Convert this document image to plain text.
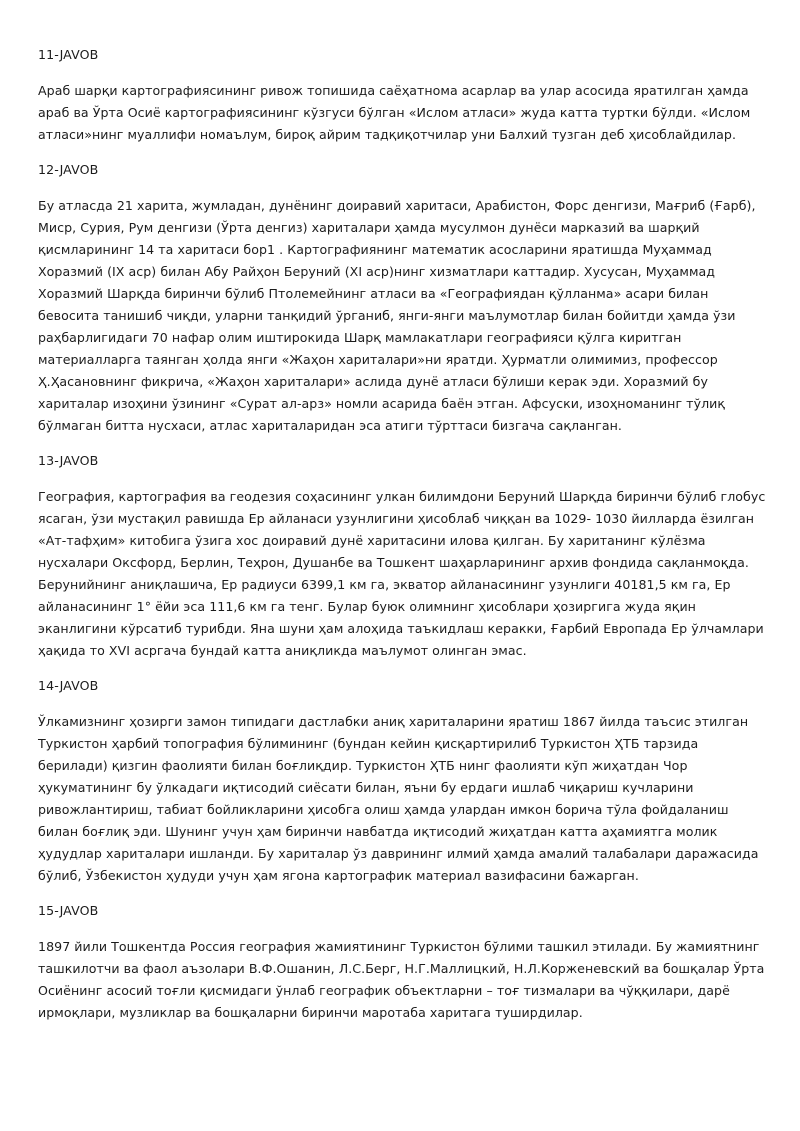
11-JAVOB

Араб шарқи картографиясининг ривож топишида саёҳатнома асарлар ва улар асосида яратилган ҳамда араб ва Ўрта Осиё картографиясининг кўзгуси бўлган «Ислом атласи» жуда катта туртки бўлди. «Ислом атласи»нинг муаллифи номаълум, бироқ айрим тадқиқотчилар уни Балхий тузган деб ҳисоблайдилар.

12-JAVOB

Бу атласда 21 харита, жумладан, дунёнинг доиравий харитаси, Арабистон, Форс денгизи, Мағриб (Ғарб), Миср, Сурия, Рум денгизи (Ўрта денгиз) хариталари ҳамда мусулмон дунёси марказий ва шарқий қисмларининг 14 та харитаси бор1 . Картографиянинг математик асосларини яратишда Муҳаммад Хоразмий (IX аср) билан Абу Райҳон Беруний (XI аср)нинг хизматлари каттадир. Хусусан, Муҳаммад Хоразмий Шарқда биринчи бўлиб Птолемейнинг атласи ва «Географиядан қўлланма» асари билан бевосита танишиб чиқди, уларни танқидий ўрганиб, янги-янги маълумотлар билан бойитди ҳамда ўзи раҳбарлигидаги 70 нафар олим иштирокида Шарқ мамлакатлари географияси қўлга киритган материалларга таянган ҳолда янги «Жаҳон хариталари»ни яратди. Ҳурматли олимимиз, профессор Ҳ.Ҳасановнинг фикрича, «Жаҳон хариталари» аслида дунё атласи бўлиши керак эди. Хоразмий бу хариталар изоҳини ўзининг «Сурат ал-арз» номли асарида баён этган. Афсуски, изоҳноманинг тўлиқ бўлмаган битта нусхаси, атлас хариталаридан эса атиги тўрттаси бизгача сақланган.

13-JAVOB

География, картография ва геодезия соҳасининг улкан билимдони Беруний Шарқда биринчи бўлиб глобус ясаган, ўзи мустақил равишда Ер айланаси узунлигини ҳисоблаб чиққан ва 1029- 1030 йилларда ёзилган «Ат-тафҳим» китобига ўзига хос доиравий дунё харитасини илова қилган. Бу хаританинг кўлёзма нусхалари Оксфорд, Берлин, Теҳрон, Душанбе ва Тошкент шаҳарларининг архив фондида сақланмоқда. Берунийнинг аниқлашича, Ер радиуси 6399,1 км га, экватор айланасининг узунлиги 40181,5 км га, Ер айланасининг 1° ёйи эса 111,6 км га тенг. Булар буюк олимнинг ҳисоблари ҳозиргига жуда яқин эканлигини кўрсатиб турибди. Яна шуни ҳам алоҳида таъкидлаш керакки, Ғарбий Европада Ер ўлчамлари ҳақида то XVI асргача бундай катта аниқликда маълумот олинган эмас.

14-JAVOB

Ўлкамизнинг ҳозирги замон типидаги дастлабки аниқ хариталарини яратиш 1867 йилда таъсис этилган Туркистон ҳарбий топография бўлимининг (бундан кейин қисқартирилиб Туркистон ҲТБ тарзида берилади) қизгин фаолияти билан боғлиқдир. Туркистон ҲТБ нинг фаолияти кўп жиҳатдан Чор ҳукуматининг бу ўлкадаги иқтисодий сиёсати билан, яъни бу ердаги ишлаб чиқариш кучларини ривожлантириш, табиат бойликларини ҳисобга олиш ҳамда улардан имкон борича тўла фойдаланиш билан боғлиқ эди. Шунинг учун ҳам биринчи навбатда иқтисодий жиҳатдан катта аҳамиятга молик ҳудудлар хариталари ишланди. Бу хариталар ўз даврининг илмий ҳамда амалий талабалари даражасида бўлиб, Ўзбекистон ҳудуди учун ҳам ягона картографик материал вазифасини бажарган.

15-JAVOB

1897 йили Тошкентда Россия география жамиятининг Туркистон бўлими ташкил этилади. Бу жамиятнинг ташкилотчи ва фаол аъзолари В.Ф.Ошанин, Л.С.Берг, Н.Г.Маллицкий, Н.Л.Корженевский ва бошқалар Ўрта Осиёнинг асосий тоғли қисмидаги ўнлаб географик объектларни – тоғ тизмалари ва чўққилари, дарё ирмоқлари, музликлар ва бошқаларни биринчи маротаба харитага туширдилар.
